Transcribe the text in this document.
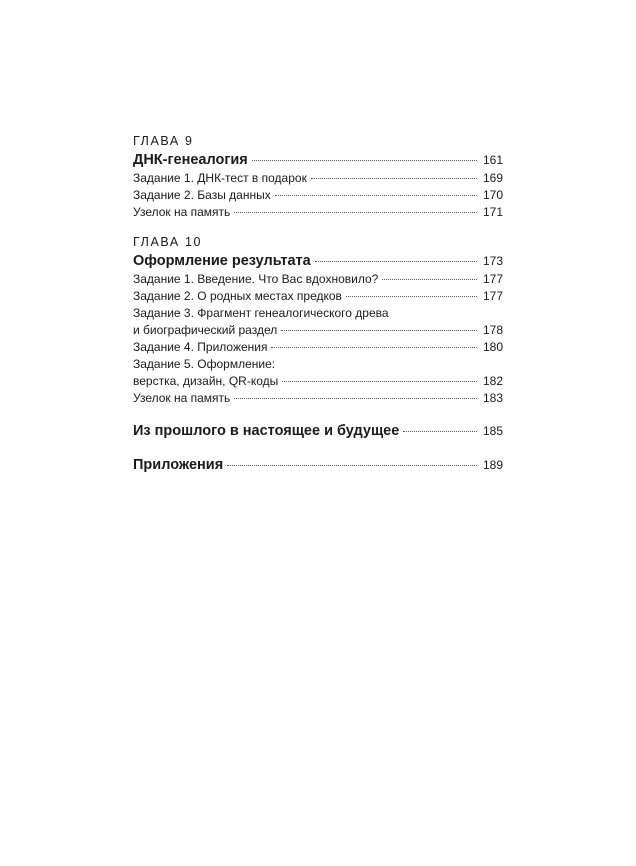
ГЛАВА 9
ДНК-генеалогия	161
Задание 1. ДНК-тест в подарок	169
Задание 2. Базы данных	170
Узелок на память	171
ГЛАВА 10
Оформление результата	173
Задание 1. Введение. Что Вас вдохновило?	177
Задание 2. О родных местах предков	177
Задание 3. Фрагмент генеалогического древа
и биографический раздел	178
Задание 4. Приложения	180
Задание 5. Оформление:
верстка, дизайн, QR-коды	182
Узелок на память	183
Из прошлого в настоящее и будущее	185
Приложения	189
